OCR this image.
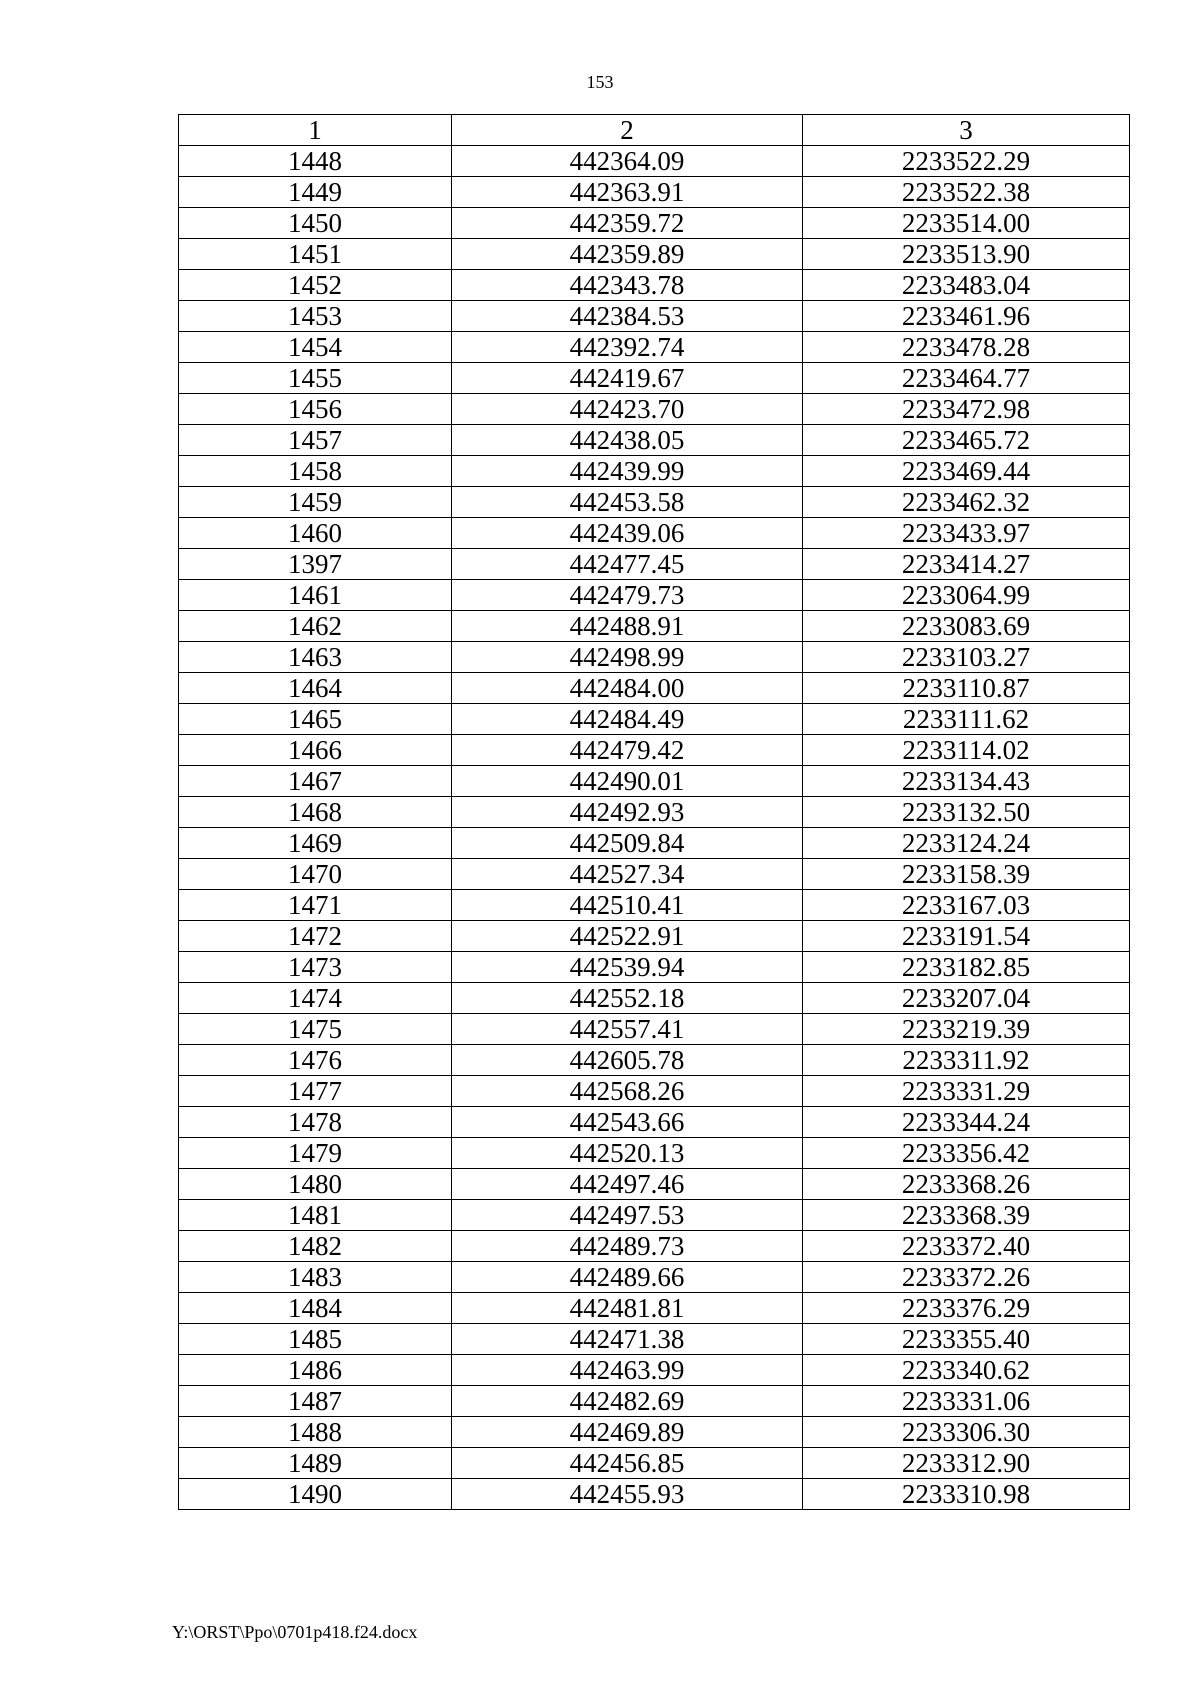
153
1	2	3
1448	442364.09	2233522.29
1449	442363.91	2233522.38
1450	442359.72	2233514.00
1451	442359.89	2233513.90
1452	442343.78	2233483.04
1453	442384.53	2233461.96
1454	442392.74	2233478.28
1455	442419.67	2233464.77
1456	442423.70	2233472.98
1457	442438.05	2233465.72
1458	442439.99	2233469.44
1459	442453.58	2233462.32
1460	442439.06	2233433.97
1397	442477.45	2233414.27
1461	442479.73	2233064.99
1462	442488.91	2233083.69
1463	442498.99	2233103.27
1464	442484.00	2233110.87
1465	442484.49	2233111.62
1466	442479.42	2233114.02
1467	442490.01	2233134.43
1468	442492.93	2233132.50
1469	442509.84	2233124.24
1470	442527.34	2233158.39
1471	442510.41	2233167.03
1472	442522.91	2233191.54
1473	442539.94	2233182.85
1474	442552.18	2233207.04
1475	442557.41	2233219.39
1476	442605.78	2233311.92
1477	442568.26	2233331.29
1478	442543.66	2233344.24
1479	442520.13	2233356.42
1480	442497.46	2233368.26
1481	442497.53	2233368.39
1482	442489.73	2233372.40
1483	442489.66	2233372.26
1484	442481.81	2233376.29
1485	442471.38	2233355.40
1486	442463.99	2233340.62
1487	442482.69	2233331.06
1488	442469.89	2233306.30
1489	442456.85	2233312.90
1490	442455.93	2233310.98
Y:\ORST\Ppo\0701p418.f24.docx
